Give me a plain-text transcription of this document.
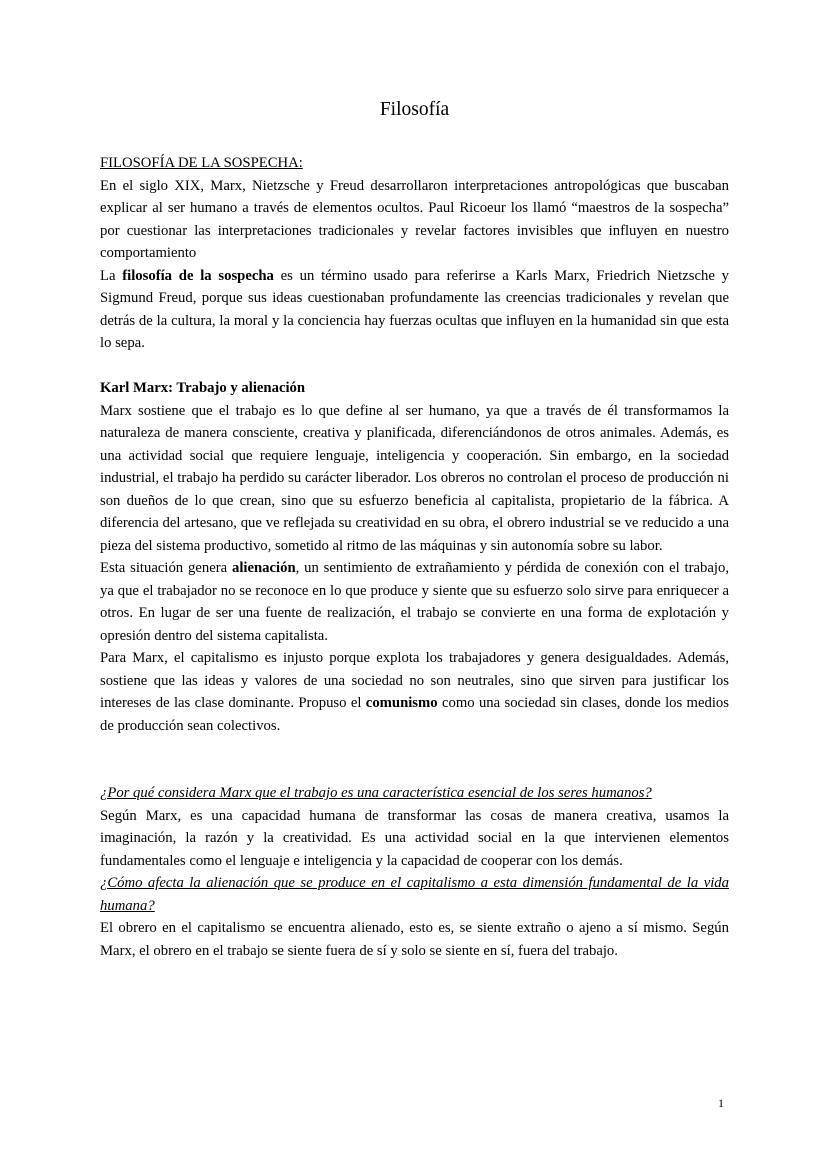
Filosofía
FILOSOFÍA DE LA SOSPECHA:
En el siglo XIX, Marx, Nietzsche y Freud desarrollaron interpretaciones antropológicas que buscaban explicar al ser humano a través de elementos ocultos. Paul Ricoeur los llamó “maestros de la sospecha” por cuestionar las interpretaciones tradicionales y revelar factores invisibles que influyen en nuestro comportamiento
La filosofía de la sospecha es un término usado para referirse a Karls Marx, Friedrich Nietzsche y Sigmund Freud, porque sus ideas cuestionaban profundamente las creencias tradicionales y revelan que detrás de la cultura, la moral y la conciencia hay fuerzas ocultas que influyen en la humanidad sin que esta lo sepa.
Karl Marx: Trabajo y alienación
Marx sostiene que el trabajo es lo que define al ser humano, ya que a través de él transformamos la naturaleza de manera consciente, creativa y planificada, diferenciándonos de otros animales. Además, es una actividad social que requiere lenguaje, inteligencia y cooperación. Sin embargo, en la sociedad industrial, el trabajo ha perdido su carácter liberador. Los obreros no controlan el proceso de producción ni son dueños de lo que crean, sino que su esfuerzo beneficia al capitalista, propietario de la fábrica. A diferencia del artesano, que ve reflejada su creatividad en su obra, el obrero industrial se ve reducido a una pieza del sistema productivo, sometido al ritmo de las máquinas y sin autonomía sobre su labor.
Esta situación genera alienación, un sentimiento de extrañamiento y pérdida de conexión con el trabajo, ya que el trabajador no se reconoce en lo que produce y siente que su esfuerzo solo sirve para enriquecer a otros. En lugar de ser una fuente de realización, el trabajo se convierte en una forma de explotación y opresión dentro del sistema capitalista.
Para Marx, el capitalismo es injusto porque explota los trabajadores y genera desigualdades. Además, sostiene que las ideas y valores de una sociedad no son neutrales, sino que sirven para justificar los intereses de las clase dominante. Propuso el comunismo como una sociedad sin clases, donde los medios de producción sean colectivos.
¿Por qué considera Marx que el trabajo es una característica esencial de los seres humanos?
Según Marx, es una capacidad humana de transformar las cosas de manera creativa, usamos la imaginación, la razón y la creatividad. Es una actividad social en la que intervienen elementos fundamentales como el lenguaje e inteligencia y la capacidad de cooperar con los demás.
¿Cómo afecta la alienación que se produce en el capitalismo a esta dimensión fundamental de la vida humana?
El obrero en el capitalismo se encuentra alienado, esto es, se siente extraño o ajeno a sí mismo. Según Marx, el obrero en el trabajo se siente fuera de sí y solo se siente en sí, fuera del trabajo.
1
